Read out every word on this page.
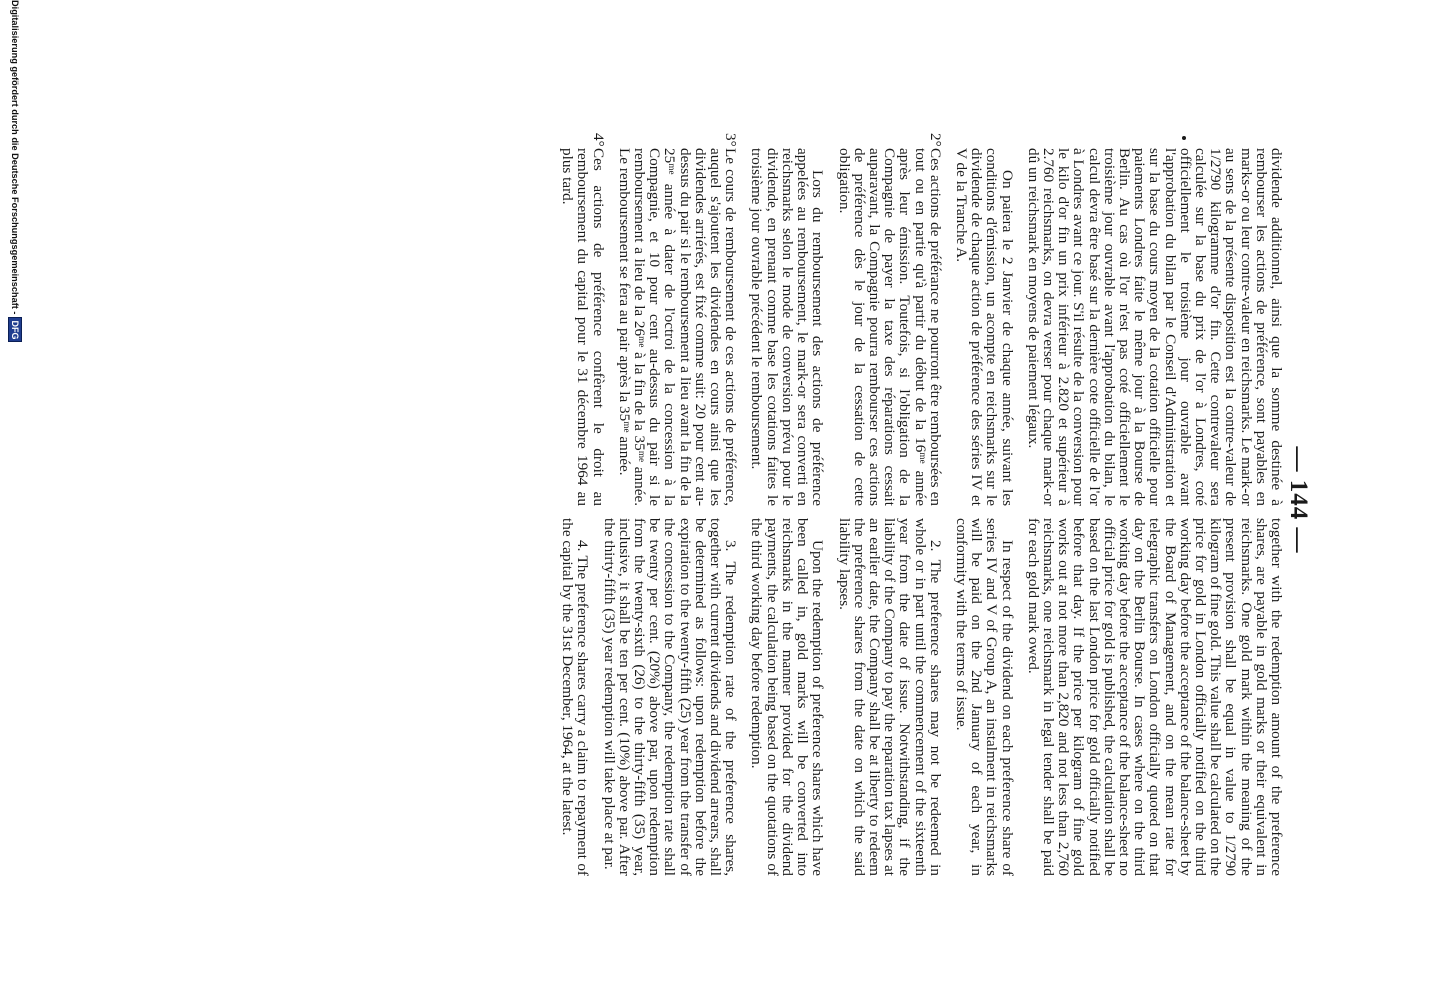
— 144 —

dividende additionnel, ainsi que la somme destinée à rembourser les actions de préférence, sont payables en marks-or ou leur contre-valeur en reichsmarks. Le mark-or au sens de la présente disposition est la contre-valeur de 1/2790 kilogramme d'or fin. Cette contrevaleur sera calculée sur la base du prix de l'or à Londres, coté officiellement le troisième jour ouvrable avant l'approbation du bilan par le Conseil d'Administration et sur la base du cours moyen de la cotation officielle pour paiements Londres faite le même jour à la Bourse de Berlin. Au cas où l'or n'est pas coté officiellement le troisième jour ouvrable avant l'approbation du bilan, le calcul devra être basé sur la dernière cote officielle de l'or à Londres avant ce jour. S'il résulte de la conversion pour le kilo d'or fin un prix inférieur à 2.820 et supérieur à 2.760 reichsmarks, on devra verser pour chaque mark-or dû un reichsmark en moyens de paiement légaux.

On paiera le 2 Janvier de chaque année, suivant les conditions d'émission, un acompte en reichsmarks sur le dividende de chaque action de préférence des séries IV et V de la Tranche A.

2°

Ces actions de préférance ne pourront être remboursées en tout ou en partie qu'à partir du début de la 16ᵐᵉ année après leur émission. Toutefois, si l'obligation de la Compagnie de payer la taxe des réparations cessait auparavant, la Compagnie pourra rembourser ces actions de préférence dès le jour de la cessation de cette obligation.

Lors du remboursement des actions de préférence appelées au remboursement, le mark-or sera converti en reichsmarks selon le mode de conversion prévu pour le dividende, en prenant comme base les cotations faites le troisième jour ouvrable précédent le remboursement.

3°

Le cours de remboursement de ces actions de préférence, auquel s'ajoutent les dividendes en cours ainsi que les dividendes arriérés, est fixé comme suit: 20 pour cent au-dessus du pair si le remboursement a lieu avant la fin de la 25ᵐᵉ année à dater de l'octroi de la concession à la Compagnie, et 10 pour cent au-dessus du pair si le remboursement a lieu de la 26ᵐᵉ à la fin de la 35ᵐᵉ année. Le remboursement se fera au pair après la 35ᵐᵉ année.

4°

Ces actions de préférence confèrent le droit au remboursement du capital pour le 31 décembre 1964 au plus tard.

together with the redemption amount of the preference shares, are payable in gold marks or their equivalent in reichsmarks. One gold mark within the meaning of the present provision shall be equal in value to 1/2790 kilogram of fine gold. This value shall be calculated on the price for gold in London officially notified on the third working day before the acceptance of the balance-sheet by the Board of Management, and on the mean rate for telegraphic transfers on London officially quoted on that day on the Berlin Bourse. In cases where on the third working day before the acceptance of the balance-sheet no official price for gold is published, the calculation shall be based on the last London price for gold officially notified before that day. If the price per kilogram of fine gold works out at not more than 2,820 and not less than 2,760 reichsmarks, one reichsmark in legal tender shall be paid for each gold mark owed.

In respect of the dividend on each preference share of series IV and V of Group A, an instalment in reichsmarks will be paid on the 2nd January of each year, in conformity with the terms of issue.

2. The preference shares may not be redeemed in whole or in part until the commencement of the sixteenth year from the date of issue. Notwithstanding, if the liability of the Company to pay the reparation tax lapses at an earlier date, the Company shall be at liberty to redeem the preference shares from the date on which the said liability lapses.

Upon the redemption of preference shares which have been called in, gold marks will be converted into reichsmarks in the manner provided for the dividend payments, the calculation being based on the quotations of the third working day before redemption.

3. The redemption rate of the preference shares, together with current dividends and dividend arrears, shall be determined as follows: upon redemption before the expiration to the twenty-fifth (25) year from the transfer of the concession to the Company, the redemption rate shall be twenty per cent. (20%) above par, upon redemption from the twenty-sixth (26) to the thirty-fifth (35) year, inclusive, it shall be ten per cent. (10%) above par. After the thirty-fifth (35) year redemption will take place at par.

4. The preference shares carry a claim to repayment of the capital by the 31st December, 1964, at the latest.

Digitalisierung gefördert durch die Deutsche Forschungsgemeinschaft -
DFG
